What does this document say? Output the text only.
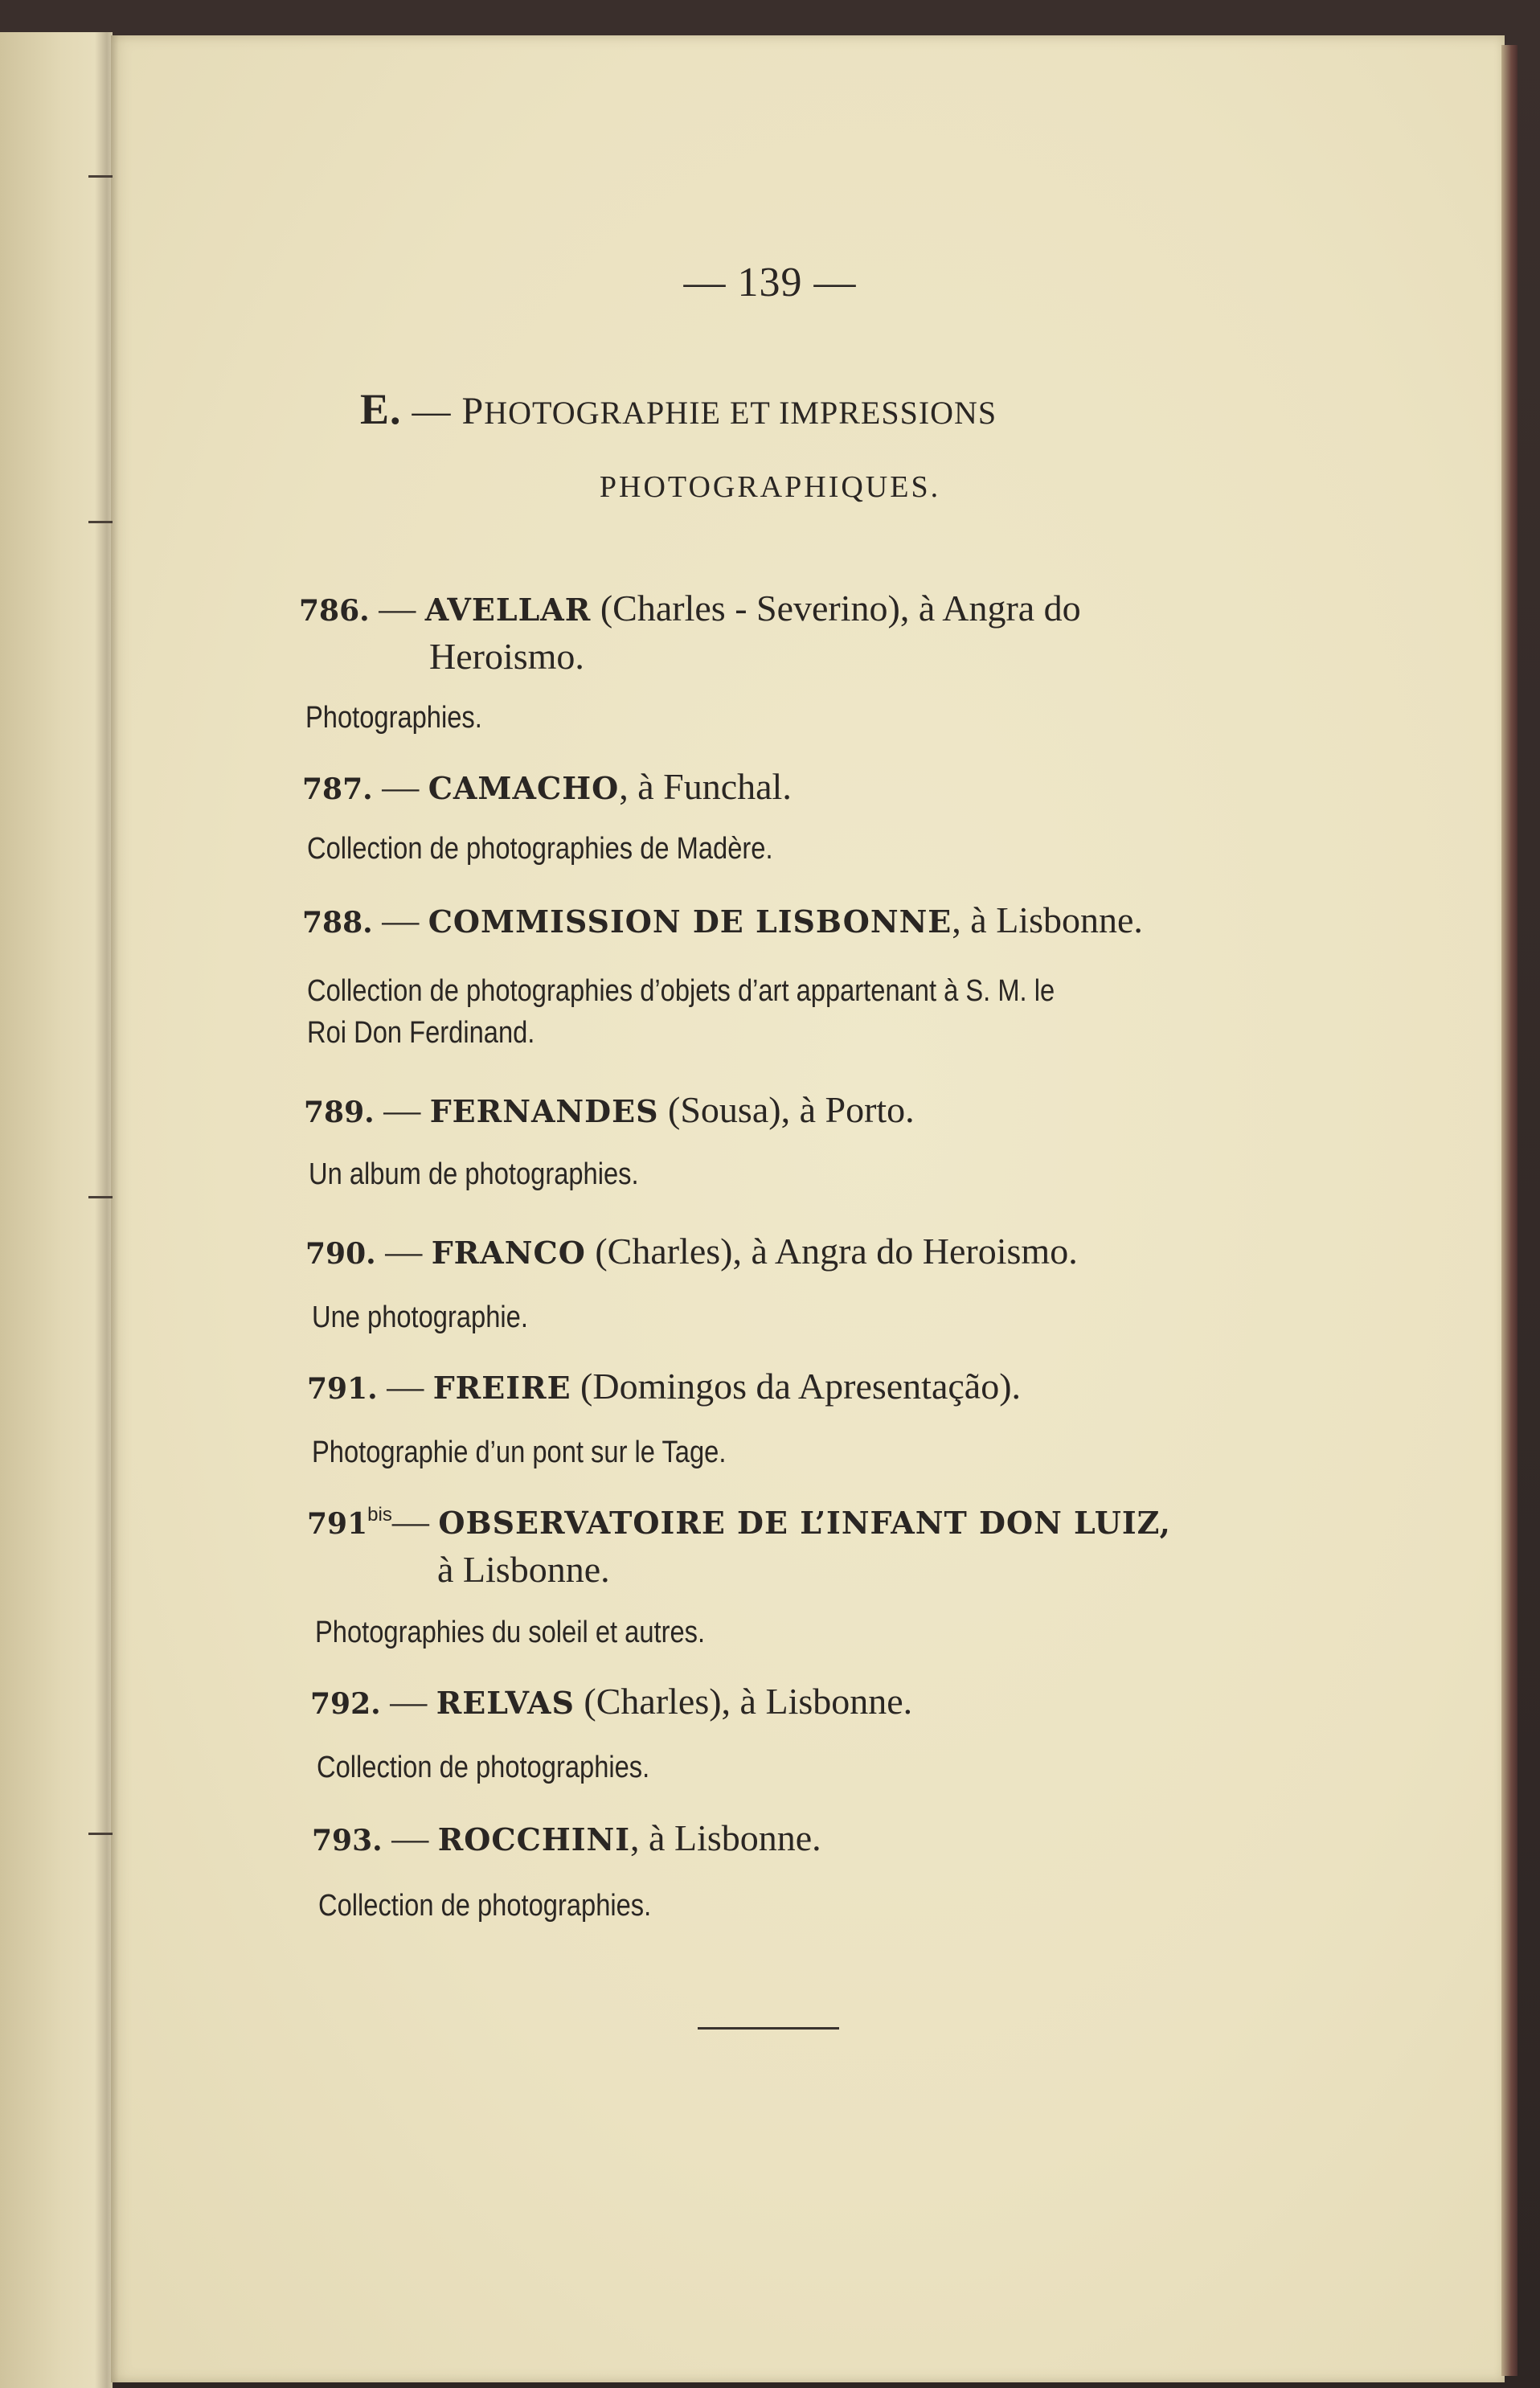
— 139 —
E. — PHOTOGRAPHIE ET IMPRESSIONS
PHOTOGRAPHIQUES.
786. — AVELLAR (Charles - Severino), à Angra do
Heroismo.
Photographies.
787. — CAMACHO, à Funchal.
Collection de photographies de Madère.
788. — COMMISSION DE LISBONNE, à Lisbonne.
Collection de photographies d’objets d’art appartenant à S. M. le
Roi Don Ferdinand.
789. — FERNANDES (Sousa), à Porto.
Un album de photographies.
790. — FRANCO (Charles), à Angra do Heroismo.
Une photographie.
791. — FREIRE (Domingos da Apresentação).
Photographie d’un pont sur le Tage.
$791^{bis}—$ OBSERVATOIRE DE L’INFANT DON LUIZ,
à Lisbonne.
Photographies du soleil et autres.
792. — RELVAS (Charles), à Lisbonne.
Collection de photographies.
793. — ROCCHINI, à Lisbonne.
Collection de photographies.
